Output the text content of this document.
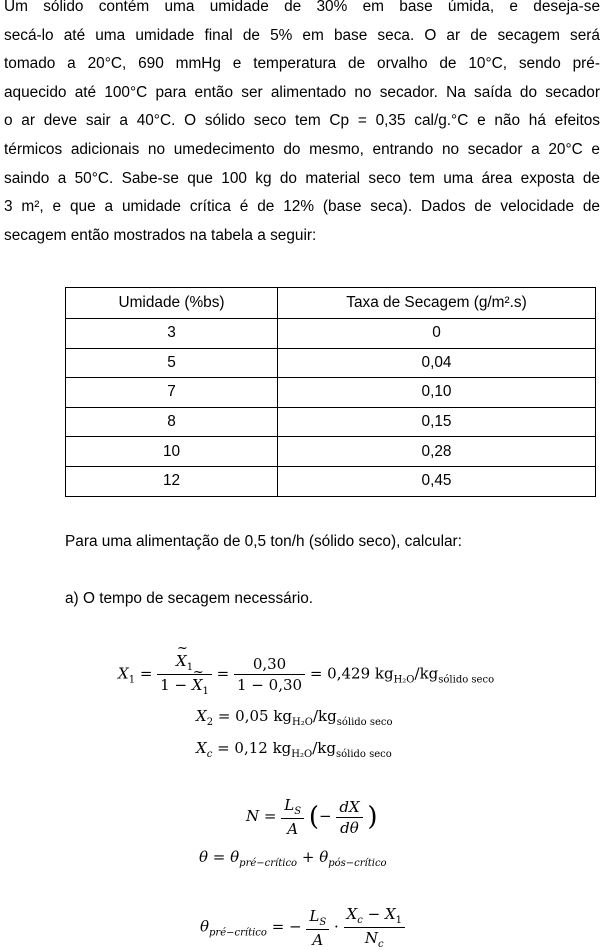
Um sólido contém uma umidade de 30% em base úmida, e deseja-se
secá-lo até uma umidade final de 5% em base seca. O ar de secagem será
tomado a 20°C, 690 mmHg e temperatura de orvalho de 10°C, sendo pré-
aquecido até 100°C para então ser alimentado no secador. Na saída do secador
o ar deve sair a 40°C. O sólido seco tem Cp = 0,35 cal/g.°C e não há efeitos
térmicos adicionais no umedecimento do mesmo, entrando no secador a 20°C e
saindo a 50°C. Sabe-se que 100 kg do material seco tem uma área exposta de
3 m², e que a umidade crítica é de 12% (base seca). Dados de velocidade de
secagem então mostrados na tabela a seguir:
Umidade (%bs)	Taxa de Secagem (g/m².s)
3	0
5	0,04
7	0,10
8	0,15
10	0,28
12	0,45
Para uma alimentação de 0,5 ton/h (sólido seco), calcular:
a) O tempo de secagem necessário.
$X_1$ = ~ $\frac{X_1}{1 - \sim X_1} = \frac{0,30}{1 - 0,30} = 0,429$ $kg_{H_2O}/kg_{sólido seco}$
$X_2 = 0,05$ $kg_{H_2O}/kg_{sólido seco}$
$X_c = 0,12$ $kg_{H_2O}/kg_{sólido seco}$
$N = \frac{L_S}{A}$ (− $\frac{dX}{d\theta}$ )
$\theta = \theta_{pré-crítico} + \theta_{pós-crítico}$
$\theta_{pré-crítico}$ = − $\frac{L_S}{A} \cdot \frac{X_c - X_1}{N_c}$
